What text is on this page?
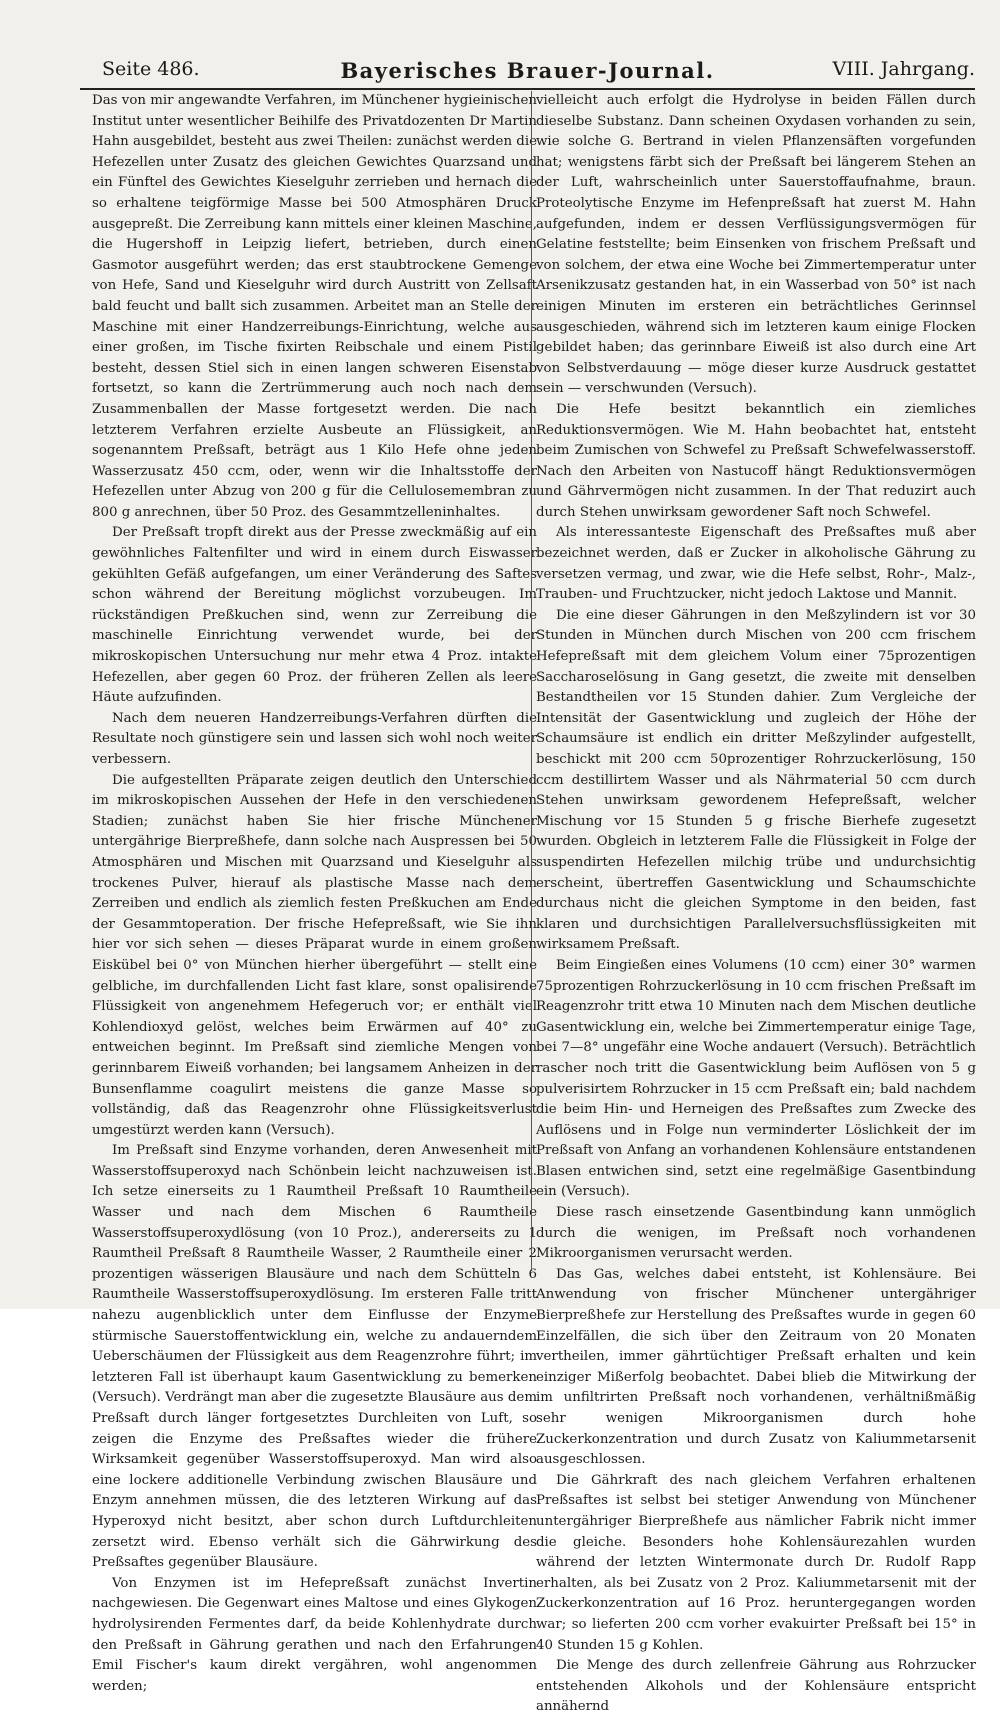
Seite 486.	Bayerisches Brauer-Journal.	VIII. Jahrgang.

Das von mir angewandte Verfahren, im Münchener hygieinischen Institut unter wesentlicher Beihilfe des Privatdozenten Dr Martin Hahn ausgebildet, besteht aus zwei Theilen: zunächst werden die Hefezellen unter Zusatz des gleichen Gewichtes Quarzsand und ein Fünftel des Gewichtes Kieselguhr zerrieben und hernach die so erhaltene teigförmige Masse bei 500 Atmosphären Druck ausgepreßt. Die Zerreibung kann mittels einer kleinen Maschine, die Hugershoff in Leipzig liefert, betrieben, durch einen Gasmotor ausgeführt werden; das erst staubtrockene Gemenge von Hefe, Sand und Kieselguhr wird durch Austritt von Zellsaft bald feucht und ballt sich zusammen. Arbeitet man an Stelle der Maschine mit einer Handzerreibungs-Einrichtung, welche aus einer großen, im Tische fixirten Reibschale und einem Pistil besteht, dessen Stiel sich in einen langen schweren Eisenstab fortsetzt, so kann die Zertrümmerung auch noch nach dem Zusammenballen der Masse fortgesetzt werden. Die nach letzterem Verfahren erzielte Ausbeute an Flüssigkeit, an sogenanntem Preßsaft, beträgt aus 1 Kilo Hefe ohne jeden Wasserzusatz 450 ccm, oder, wenn wir die Inhaltsstoffe der Hefezellen unter Abzug von 200 g für die Cellulosemembran zu 800 g anrechnen, über 50 Proz. des Gesammtzelleninhaltes.

Der Preßsaft tropft direkt aus der Presse zweckmäßig auf ein gewöhnliches Faltenfilter und wird in einem durch Eiswasser gekühlten Gefäß aufgefangen, um einer Veränderung des Saftes schon während der Bereitung möglichst vorzubeugen. Im rückständigen Preßkuchen sind, wenn zur Zerreibung die maschinelle Einrichtung verwendet wurde, bei der mikroskopischen Untersuchung nur mehr etwa 4 Proz. intakte Hefezellen, aber gegen 60 Proz. der früheren Zellen als leere Häute aufzufinden.

Nach dem neueren Handzerreibungs-Verfahren dürften die Resultate noch günstigere sein und lassen sich wohl noch weiter verbessern.

Die aufgestellten Präparate zeigen deutlich den Unterschied im mikroskopischen Aussehen der Hefe in den verschiedenen Stadien; zunächst haben Sie hier frische Münchener untergährige Bierpreßhefe, dann solche nach Auspressen bei 50 Atmosphären und Mischen mit Quarzsand und Kieselguhr als trockenes Pulver, hierauf als plastische Masse nach dem Zerreiben und endlich als ziemlich festen Preßkuchen am Ende der Gesammtoperation. Der frische Hefepreßsaft, wie Sie ihn hier vor sich sehen — dieses Präparat wurde in einem großen Eiskübel bei 0° von München hierher übergeführt — stellt eine gelbliche, im durchfallenden Licht fast klare, sonst opalisirende Flüssigkeit von angenehmem Hefegeruch vor; er enthält viel Kohlendioxyd gelöst, welches beim Erwärmen auf 40° zu entweichen beginnt. Im Preßsaft sind ziemliche Mengen von gerinnbarem Eiweiß vorhanden; bei langsamem Anheizen in der Bunsenflamme coagulirt meistens die ganze Masse so vollständig, daß das Reagenzrohr ohne Flüssigkeitsverlust umgestürzt werden kann (Versuch).

Im Preßsaft sind Enzyme vorhanden, deren Anwesenheit mit Wasserstoffsuperoxyd nach Schönbein leicht nachzuweisen ist. Ich setze einerseits zu 1 Raumtheil Preßsaft 10 Raumtheile Wasser und nach dem Mischen 6 Raumtheile Wasserstoffsuperoxydlösung (von 10 Proz.), andererseits zu 1 Raumtheil Preßsaft 8 Raumtheile Wasser, 2 Raumtheile einer 2 prozentigen wässerigen Blausäure und nach dem Schütteln 6 Raumtheile Wasserstoffsuperoxydlösung. Im ersteren Falle tritt nahezu augenblicklich unter dem Einflusse der Enzyme stürmische Sauerstoffentwicklung ein, welche zu andauerndem Ueberschäumen der Flüssigkeit aus dem Reagenzrohre führt; im letzteren Fall ist überhaupt kaum Gasentwicklung zu bemerken (Versuch). Verdrängt man aber die zugesetzte Blausäure aus dem Preßsaft durch länger fortgesetztes Durchleiten von Luft, so zeigen die Enzyme des Preßsaftes wieder die frühere Wirksamkeit gegenüber Wasserstoffsuperoxyd. Man wird also eine lockere additionelle Verbindung zwischen Blausäure und Enzym annehmen müssen, die des letzteren Wirkung auf das Hyperoxyd nicht besitzt, aber schon durch Luftdurchleiten zersetzt wird. Ebenso verhält sich die Gährwirkung des Preßsaftes gegenüber Blausäure.

Von Enzymen ist im Hefepreßsaft zunächst Invertin nachgewiesen. Die Gegenwart eines Maltose und eines Glykogen hydrolysirenden Fermentes darf, da beide Kohlenhydrate durch den Preßsaft in Gährung gerathen und nach den Erfahrungen Emil Fischer's kaum direkt vergähren, wohl angenommen werden;

vielleicht auch erfolgt die Hydrolyse in beiden Fällen durch dieselbe Substanz. Dann scheinen Oxydasen vorhanden zu sein, wie solche G. Bertrand in vielen Pflanzensäften vorgefunden hat; wenigstens färbt sich der Preßsaft bei längerem Stehen an der Luft, wahrscheinlich unter Sauerstoffaufnahme, braun. Proteolytische Enzyme im Hefenpreßsaft hat zuerst M. Hahn aufgefunden, indem er dessen Verflüssigungsvermögen für Gelatine feststellte; beim Einsenken von frischem Preßsaft und von solchem, der etwa eine Woche bei Zimmertemperatur unter Arsenikzusatz gestanden hat, in ein Wasserbad von 50° ist nach einigen Minuten im ersteren ein beträchtliches Gerinnsel ausgeschieden, während sich im letzteren kaum einige Flocken gebildet haben; das gerinnbare Eiweiß ist also durch eine Art von Selbstverdauung — möge dieser kurze Ausdruck gestattet sein — verschwunden (Versuch).

Die Hefe besitzt bekanntlich ein ziemliches Reduktionsvermögen. Wie M. Hahn beobachtet hat, entsteht beim Zumischen von Schwefel zu Preßsaft Schwefelwasserstoff. Nach den Arbeiten von Nastucoff hängt Reduktionsvermögen und Gährvermögen nicht zusammen. In der That reduzirt auch durch Stehen unwirksam gewordener Saft noch Schwefel.

Als interessanteste Eigenschaft des Preßsaftes muß aber bezeichnet werden, daß er Zucker in alkoholische Gährung zu versetzen vermag, und zwar, wie die Hefe selbst, Rohr-, Malz-, Trauben- und Fruchtzucker, nicht jedoch Laktose und Mannit.

Die eine dieser Gährungen in den Meßzylindern ist vor 30 Stunden in München durch Mischen von 200 ccm frischem Hefepreßsaft mit dem gleichem Volum einer 75prozentigen Saccharoselösung in Gang gesetzt, die zweite mit denselben Bestandtheilen vor 15 Stunden dahier. Zum Vergleiche der Intensität der Gasentwicklung und zugleich der Höhe der Schaumsäure ist endlich ein dritter Meßzylinder aufgestellt, beschickt mit 200 ccm 50prozentiger Rohrzuckerlösung, 150 ccm destillirtem Wasser und als Nährmaterial 50 ccm durch Stehen unwirksam gewordenem Hefepreßsaft, welcher Mischung vor 15 Stunden 5 g frische Bierhefe zugesetzt wurden. Obgleich in letzterem Falle die Flüssigkeit in Folge der suspendirten Hefezellen milchig trübe und undurchsichtig erscheint, übertreffen Gasentwicklung und Schaumschichte durchaus nicht die gleichen Symptome in den beiden, fast klaren und durchsichtigen Parallelversuchsflüssigkeiten mit wirksamem Preßsaft.

Beim Eingießen eines Volumens (10 ccm) einer 30° warmen 75prozentigen Rohrzuckerlösung in 10 ccm frischen Preßsaft im Reagenzrohr tritt etwa 10 Minuten nach dem Mischen deutliche Gasentwicklung ein, welche bei Zimmertemperatur einige Tage, bei 7—8° ungefähr eine Woche andauert (Versuch). Beträchtlich rascher noch tritt die Gasentwicklung beim Auflösen von 5 g pulverisirtem Rohrzucker in 15 ccm Preßsaft ein; bald nachdem die beim Hin- und Herneigen des Preßsaftes zum Zwecke des Auflösens und in Folge nun verminderter Löslichkeit der im Preßsaft von Anfang an vorhandenen Kohlensäure entstandenen Blasen entwichen sind, setzt eine regelmäßige Gasentbindung ein (Versuch).

Diese rasch einsetzende Gasentbindung kann unmöglich durch die wenigen, im Preßsaft noch vorhandenen Mikroorganismen verursacht werden.

Das Gas, welches dabei entsteht, ist Kohlensäure. Bei Anwendung von frischer Münchener untergähriger Bierpreßhefe zur Herstellung des Preßsaftes wurde in gegen 60 Einzelfällen, die sich über den Zeitraum von 20 Monaten vertheilen, immer gährtüchtiger Preßsaft erhalten und kein einziger Mißerfolg beobachtet. Dabei blieb die Mitwirkung der im unfiltrirten Preßsaft noch vorhandenen, verhältnißmäßig sehr wenigen Mikroorganismen durch hohe Zuckerkonzentration und durch Zusatz von Kaliummetarsenit ausgeschlossen.

Die Gährkraft des nach gleichem Verfahren erhaltenen Preßsaftes ist selbst bei stetiger Anwendung von Münchener untergähriger Bierpreßhefe aus nämlicher Fabrik nicht immer die gleiche. Besonders hohe Kohlensäurezahlen wurden während der letzten Wintermonate durch Dr. Rudolf Rapp erhalten, als bei Zusatz von 2 Proz. Kaliummetarsenit mit der Zuckerkonzentration auf 16 Proz. heruntergegangen worden war; so lieferten 200 ccm vorher evakuirter Preßsaft bei 15° in 40 Stunden 15 g Kohlen.

Die Menge des durch zellenfreie Gährung aus Rohrzucker entstehenden Alkohols und der Kohlensäure entspricht annähernd
